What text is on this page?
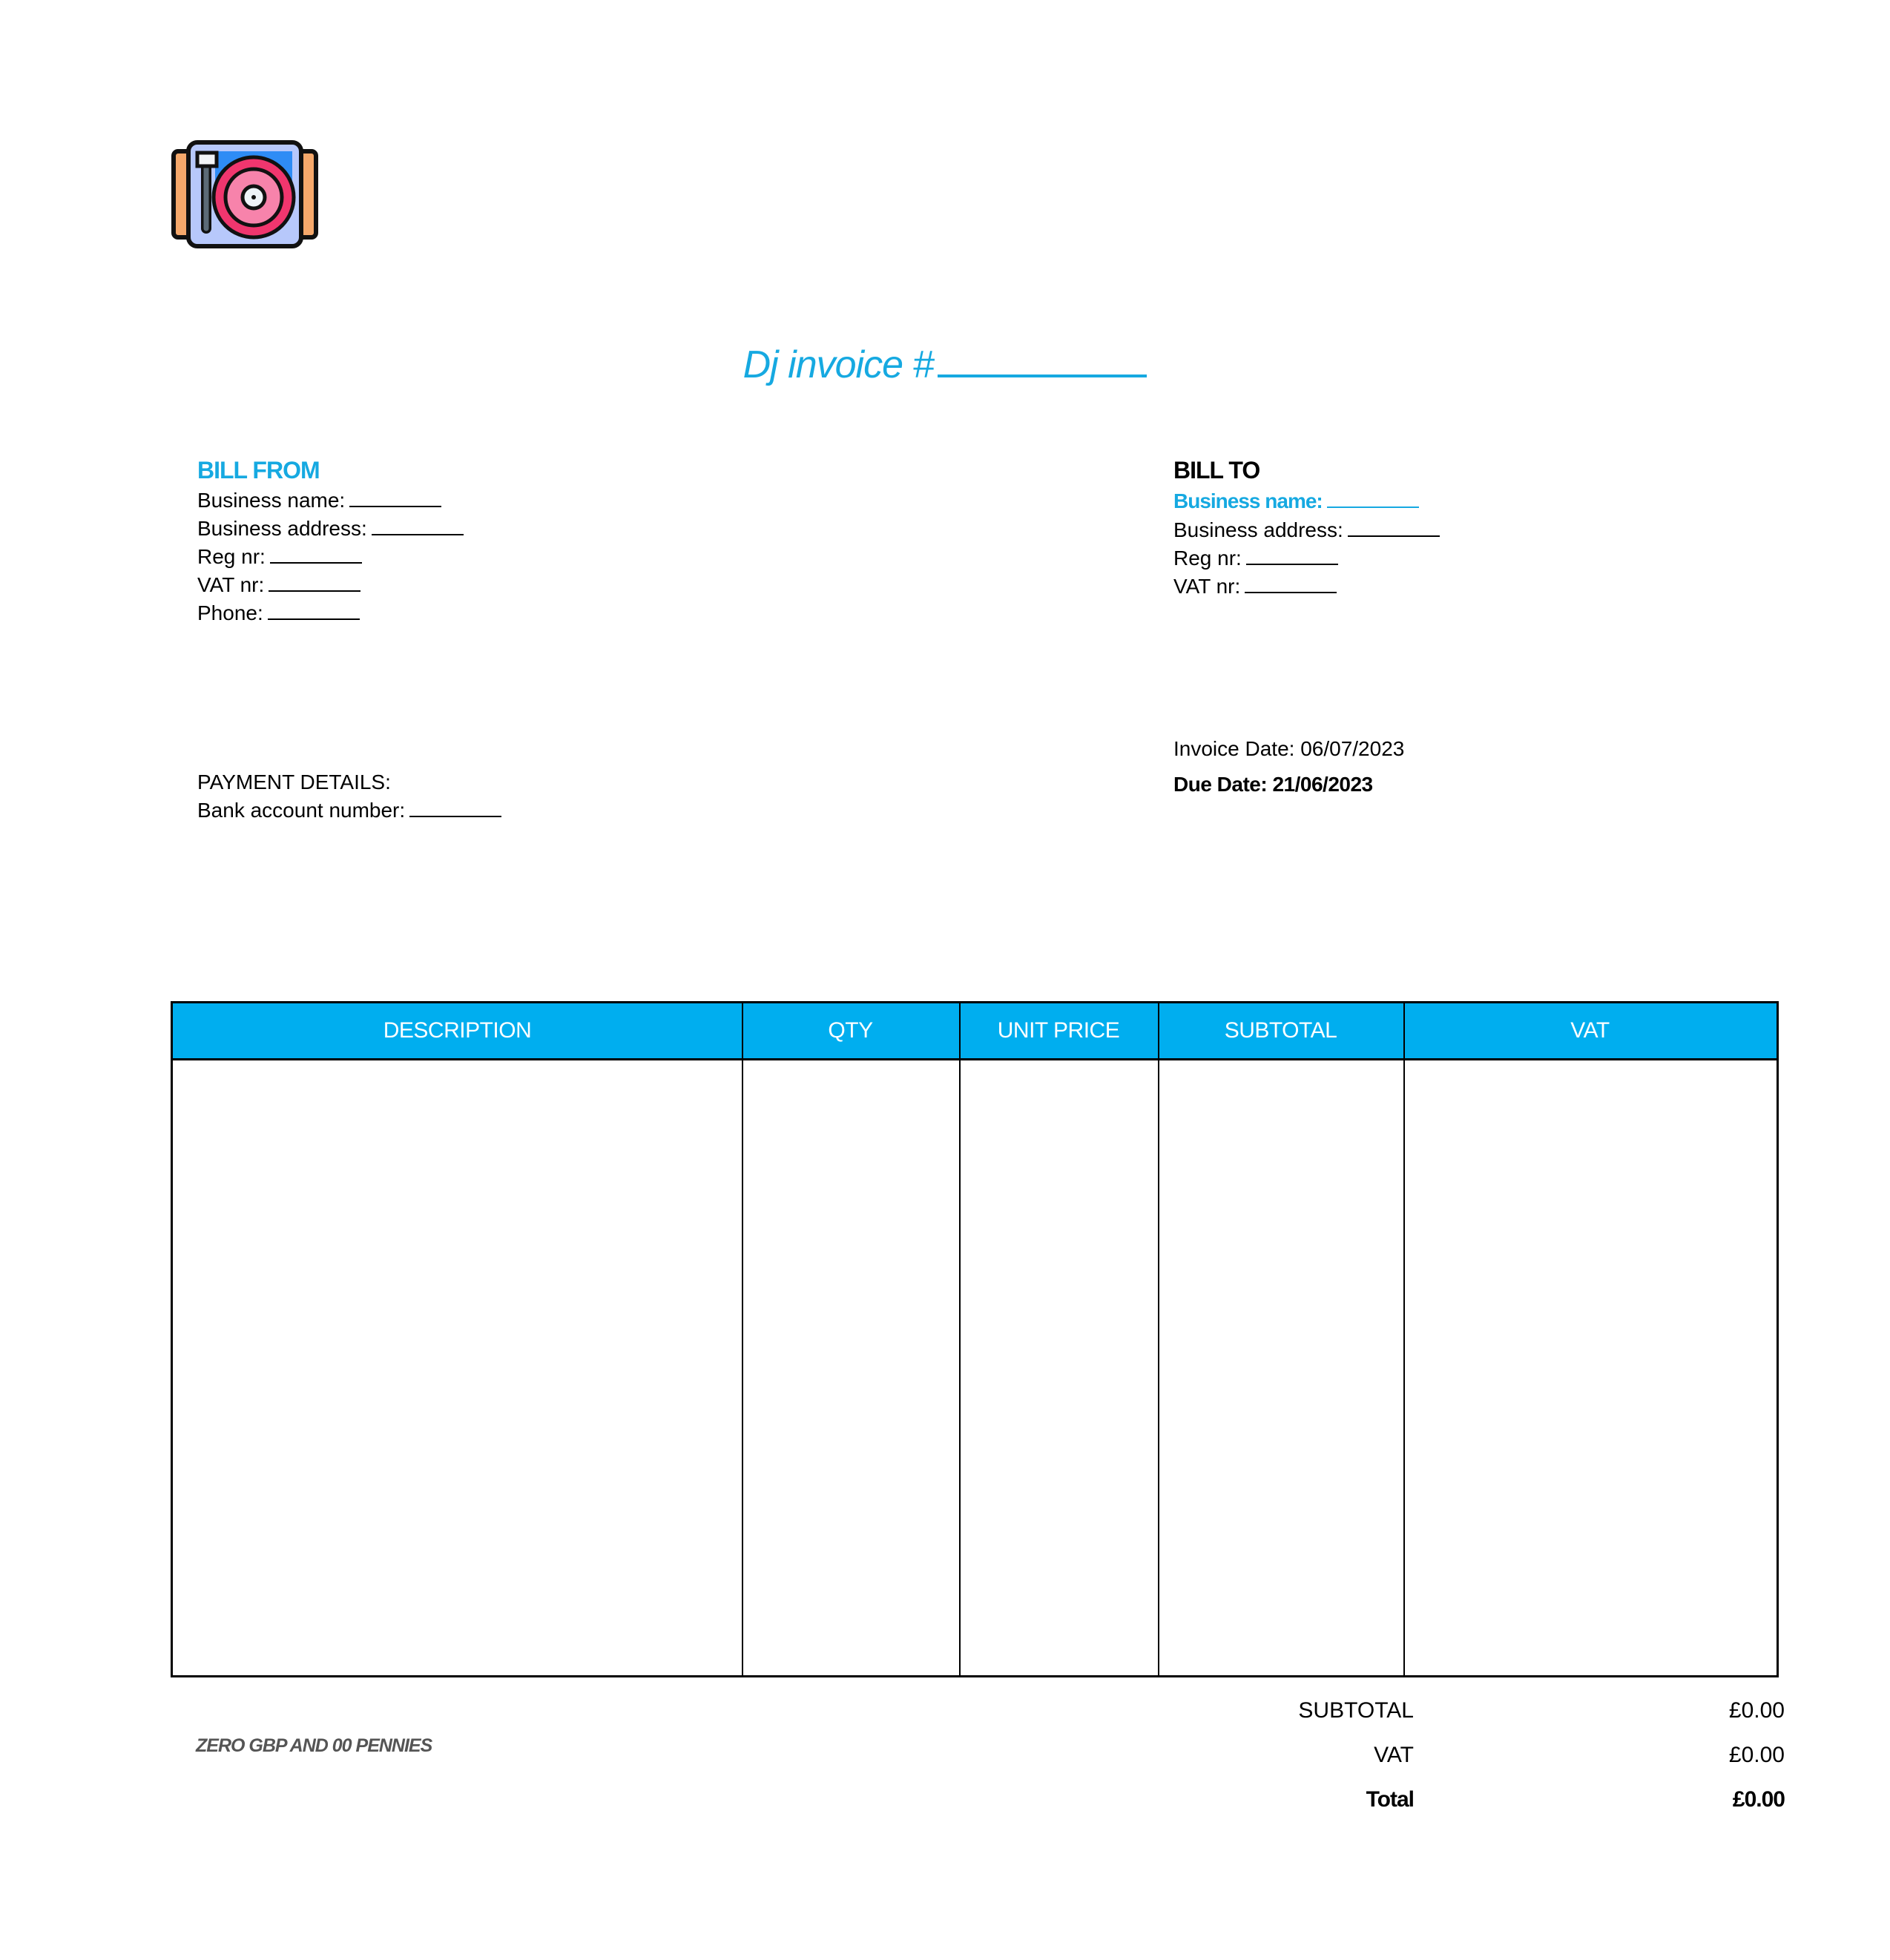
Dj invoice #
BILL FROM
Business name:
Business address:
Reg nr:
VAT nr:
Phone:
BILL TO
Business name:
Business address:
Reg nr:
VAT nr:
Invoice Date: 06/07/2023
Due Date: 21/06/2023
PAYMENT DETAILS:
Bank account number:
DESCRIPTION	QTY	UNIT PRICE	SUBTOTAL	VAT
ZERO GBP AND 00 PENNIES
SUBTOTAL	£0.00
VAT	£0.00
Total	£0.00
